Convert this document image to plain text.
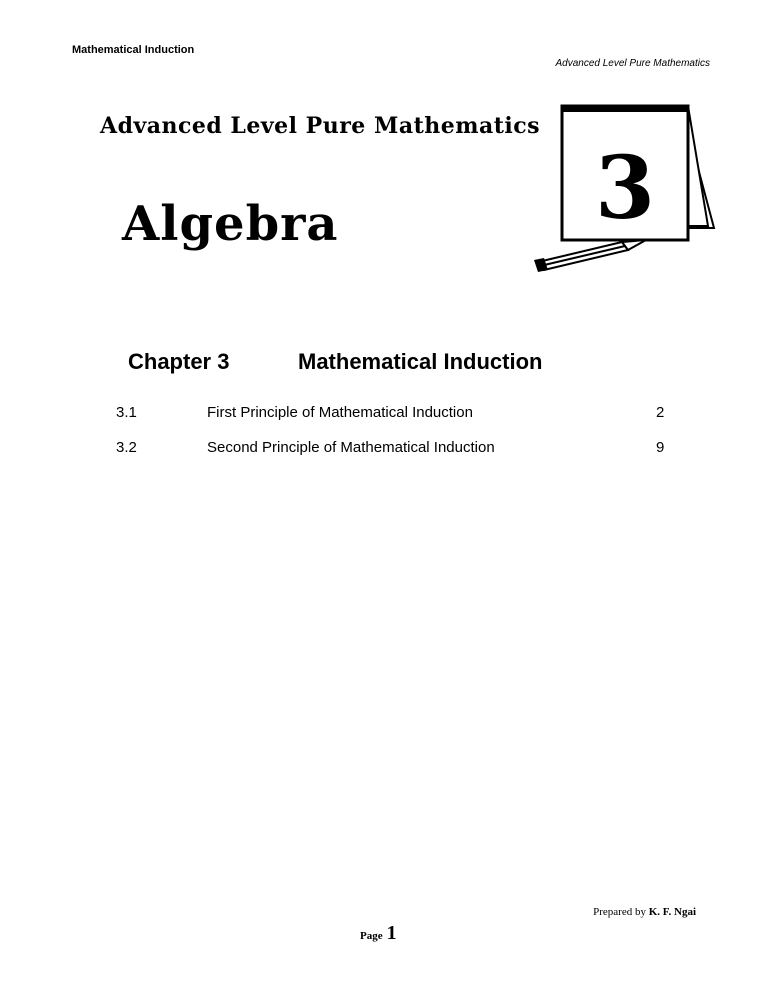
Mathematical Induction
Advanced Level Pure Mathematics
Advanced Level Pure Mathematics
Algebra	3
Chapter 3	Mathematical Induction
3.1	First Principle of Mathematical Induction	2
3.2	Second Principle of Mathematical Induction	9
Prepared by K. F. Ngai
Page 1
